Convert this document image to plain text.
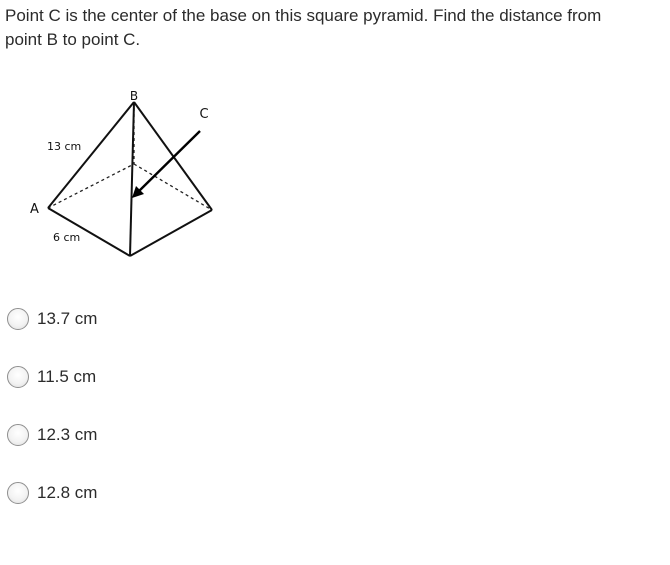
Point C is the center of the base on this square pyramid. Find the distance from
point B to point C.
B
C
A
13 cm
6 cm
13.7 cm
11.5 cm
12.3 cm
12.8 cm
